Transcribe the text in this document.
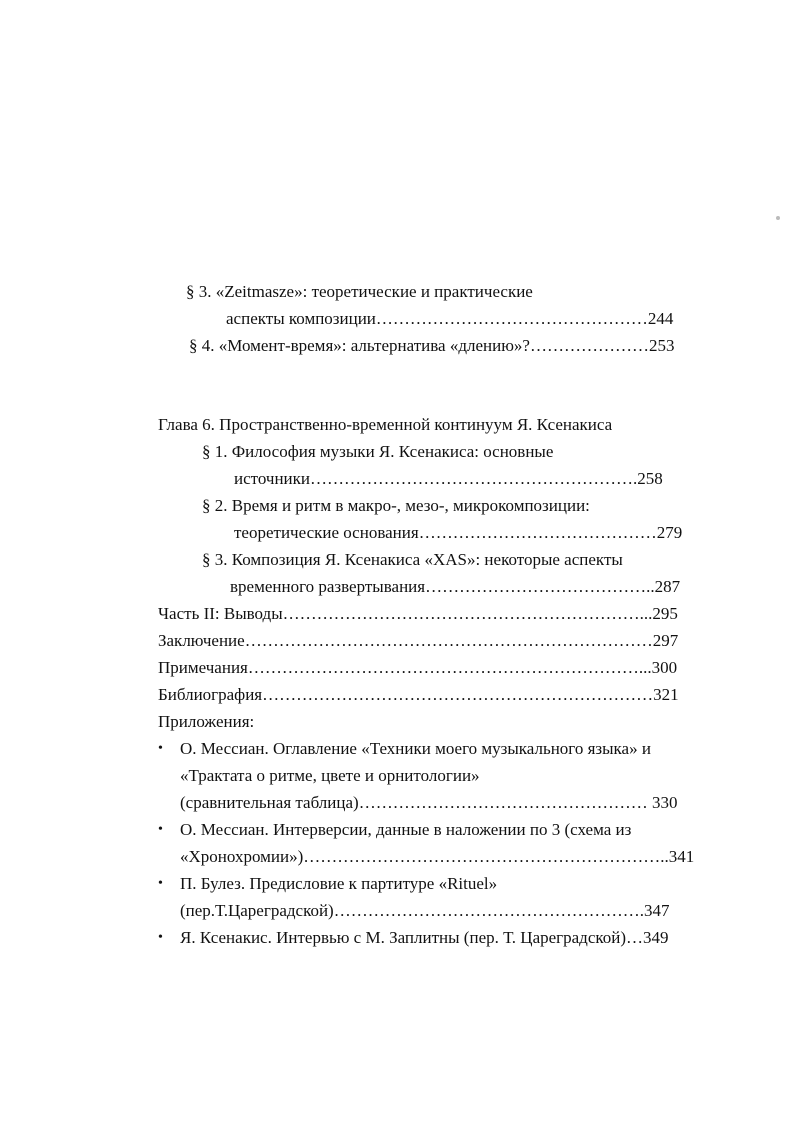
§ 3. «Zeitmasze»: теоретические и практические
аспекты композиции…………………………………………244
§ 4. «Момент-время»: альтернатива «длению»?…………………253
Глава 6. Пространственно-временной континуум Я. Ксенакиса
§ 1. Философия музыки Я. Ксенакиса: основные
источники………………………………………………….258
§ 2. Время и ритм в макро-, мезо-, микрокомпозиции:
теоретические основания……………………………………279
§ 3. Композиция Я. Ксенакиса «XAS»: некоторые аспекты
временного развертывания…………………………………..287
Часть II: Выводы………………………………………………………...295
Заключение………………………………………………………………297
Примечания……………………………………………………………...300
Библиография……………………………………………………………321
Приложения:
• О. Мессиан. Оглавление «Техники моего музыкального языка» и
«Трактата о ритме, цвете и орнитологии»
(сравнительная таблица)…………………………………………… 330
• О. Мессиан. Интерверсии, данные в наложении по 3 (схема из
«Хронохромии»)………………………………………………………..341
• П. Булез. Предисловие к партитуре «Rituel»
(пер.Т.Цареградской)……………………………………………….347
• Я. Ксенакис. Интервью с М. Заплитны (пер. Т. Цареградской)…349
